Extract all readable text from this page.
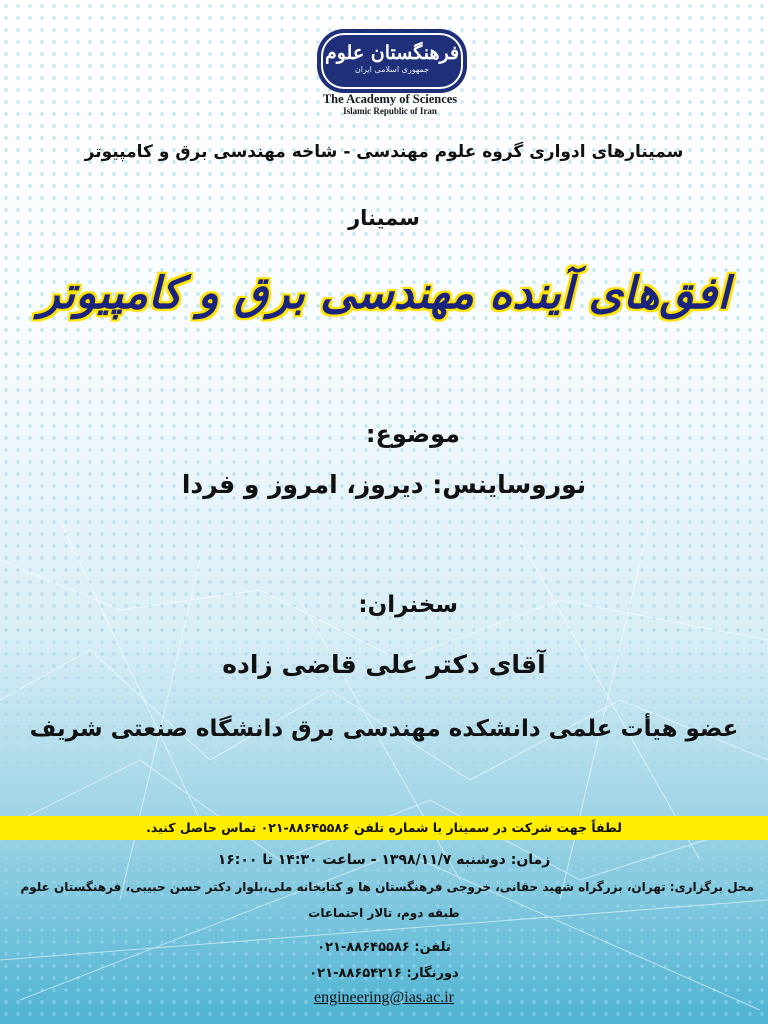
فرهنگستان علوم
جمهوری اسلامی ایران
The Academy of Sciences
Islamic Republic of Iran
سمینارهای ادواری گروه علوم مهندسی - شاخه مهندسی برق و کامپیوتر
سمینار
افق‌های آینده مهندسی برق و کامپیوتر
موضوع:
نوروساینس: دیروز، امروز و فردا
سخنران:
آقای دکتر علی قاضی زاده
عضو هیأت علمی دانشکده مهندسی برق دانشگاه صنعتی شریف
لطفاً جهت شرکت در سمینار با شماره تلفن ۸۸۶۴۵۵۸۶-۰۲۱ تماس حاصل کنید.
زمان: دوشنبه ۱۳۹۸/۱۱/۷ - ساعت ۱۴:۳۰ تا ۱۶:۰۰
محل برگزاری: تهران، بزرگراه شهید حقانی، خروجی فرهنگستان ها و کتابخانه ملی،بلوار دکتر حسن حبیبی، فرهنگستان علوم
طبقه دوم، تالار اجتماعات
تلفن: ۸۸۶۴۵۵۸۶-۰۲۱
دورنگار: ۸۸۶۵۴۲۱۶-۰۲۱
engineering@ias.ac.ir
